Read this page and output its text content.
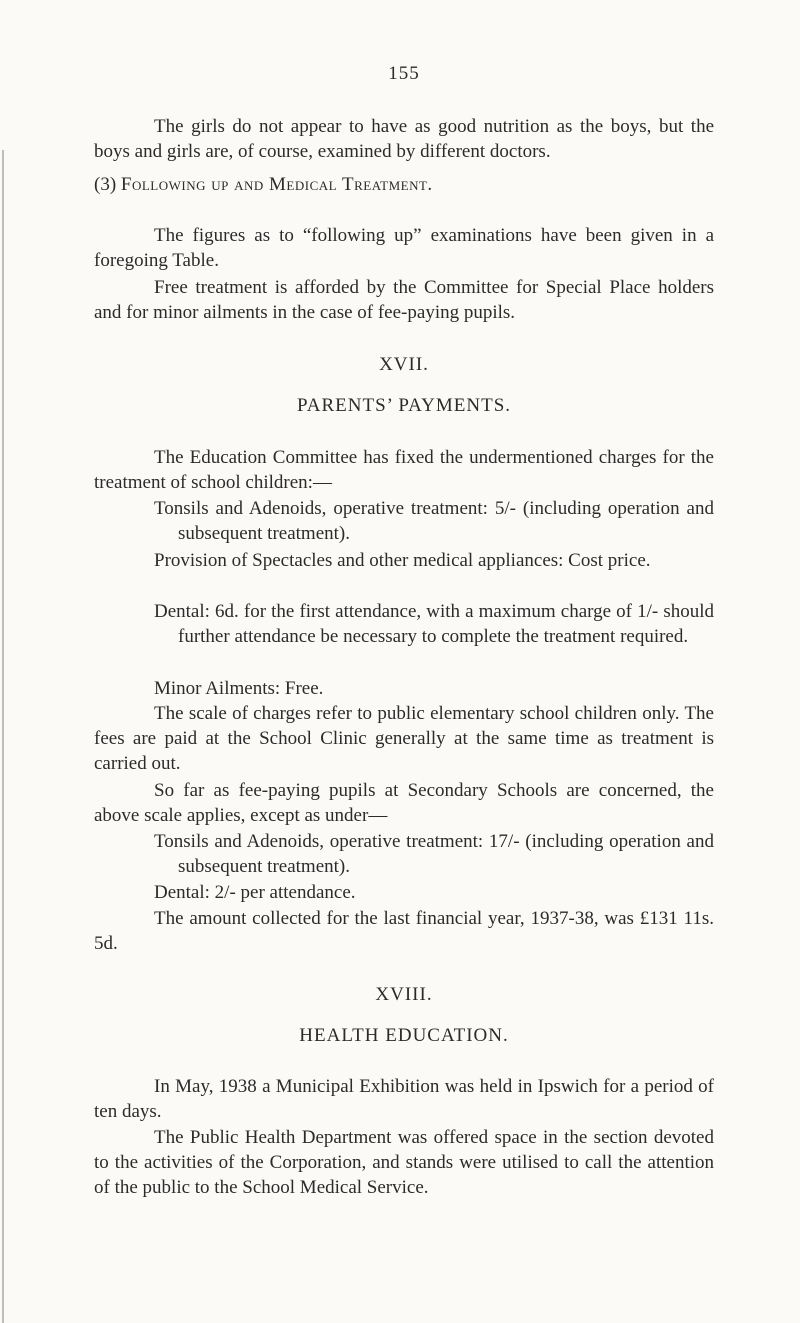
155

The girls do not appear to have as good nutrition as the boys, but the boys and girls are, of course, examined by different doctors.

(3) Following up and Medical Treatment.

The figures as to “following up” examinations have been given in a foregoing Table.

Free treatment is afforded by the Committee for Special Place holders and for minor ailments in the case of fee-paying pupils.

XVII.

PARENTS’ PAYMENTS.

The Education Committee has fixed the undermentioned charges for the treatment of school children:—

Tonsils and Adenoids, operative treatment: 5/- (including operation and subsequent treatment).

Provision of Spectacles and other medical appliances: Cost price.

Dental: 6d. for the first attendance, with a maximum charge of 1/- should further attendance be necessary to complete the treatment required.

Minor Ailments: Free.

The scale of charges refer to public elementary school children only. The fees are paid at the School Clinic generally at the same time as treatment is carried out.

So far as fee-paying pupils at Secondary Schools are concerned, the above scale applies, except as under—

Tonsils and Adenoids, operative treatment: 17/- (including operation and subsequent treatment).

Dental: 2/- per attendance.

The amount collected for the last financial year, 1937-38, was £131 11s. 5d.

XVIII.

HEALTH EDUCATION.

In May, 1938 a Municipal Exhibition was held in Ipswich for a period of ten days.

The Public Health Department was offered space in the section devoted to the activities of the Corporation, and stands were utilised to call the attention of the public to the School Medical Service.
